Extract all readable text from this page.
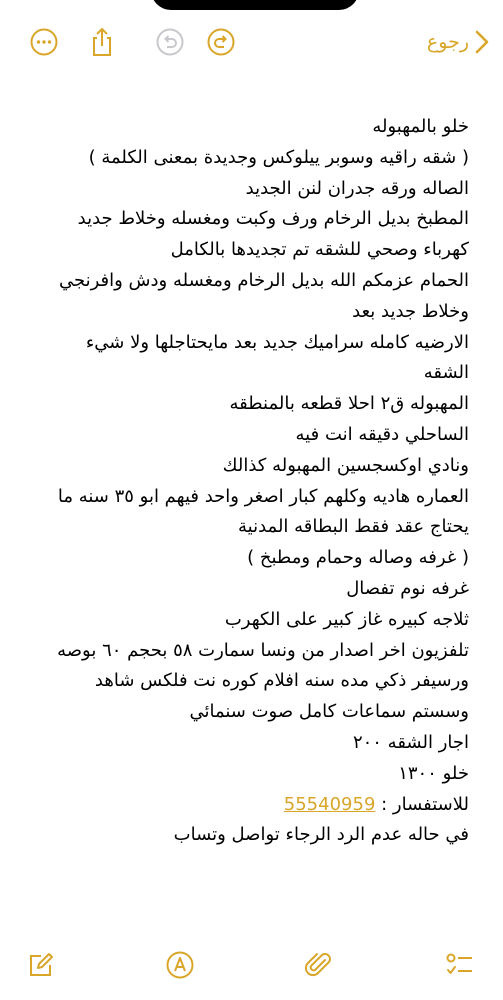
رجوع
خلو بالمهبوله
( شقه راقيه وسوبر ييلوكس وجديدة بمعنى الكلمة )
الصاله ورقه جدران لنن الجديد
المطبخ بديل الرخام ورف وكبت ومغسله وخلاط جديد
كهرباء وصحي للشقه تم تجديدها بالكامل
الحمام عزمكم الله بديل الرخام ومغسله ودش وافرنجي
وخلاط جديد بعد
الارضيه كامله سراميك جديد بعد مايحتاجلها ولا شيء
الشقه
المهبوله ق٢ احلا قطعه بالمنطقه
الساحلي دقيقه انت فيه
ونادي اوكسجسين المهبوله كذالك
العماره هاديه وكلهم كبار اصغر واحد فيهم ابو ٣٥ سنه ما
يحتاج عقد فقط البطاقه المدنية
( غرفه وصاله وحمام ومطبخ )
غرفه نوم تفصال
ثلاجه كبيره غاز كبير على الكهرب
تلفزيون اخر اصدار من ونسا سمارت ٥٨ بحجم ٦٠ بوصه
ورسيفر ذكي مده سنه افلام كوره نت فلكس شاهد
وسستم سماعات كامل صوت سنمائي
اجار الشقه ٢٠٠
خلو ١٣٠٠
للاستفسار : 55540959
في حاله عدم الرد الرجاء تواصل وتساب
